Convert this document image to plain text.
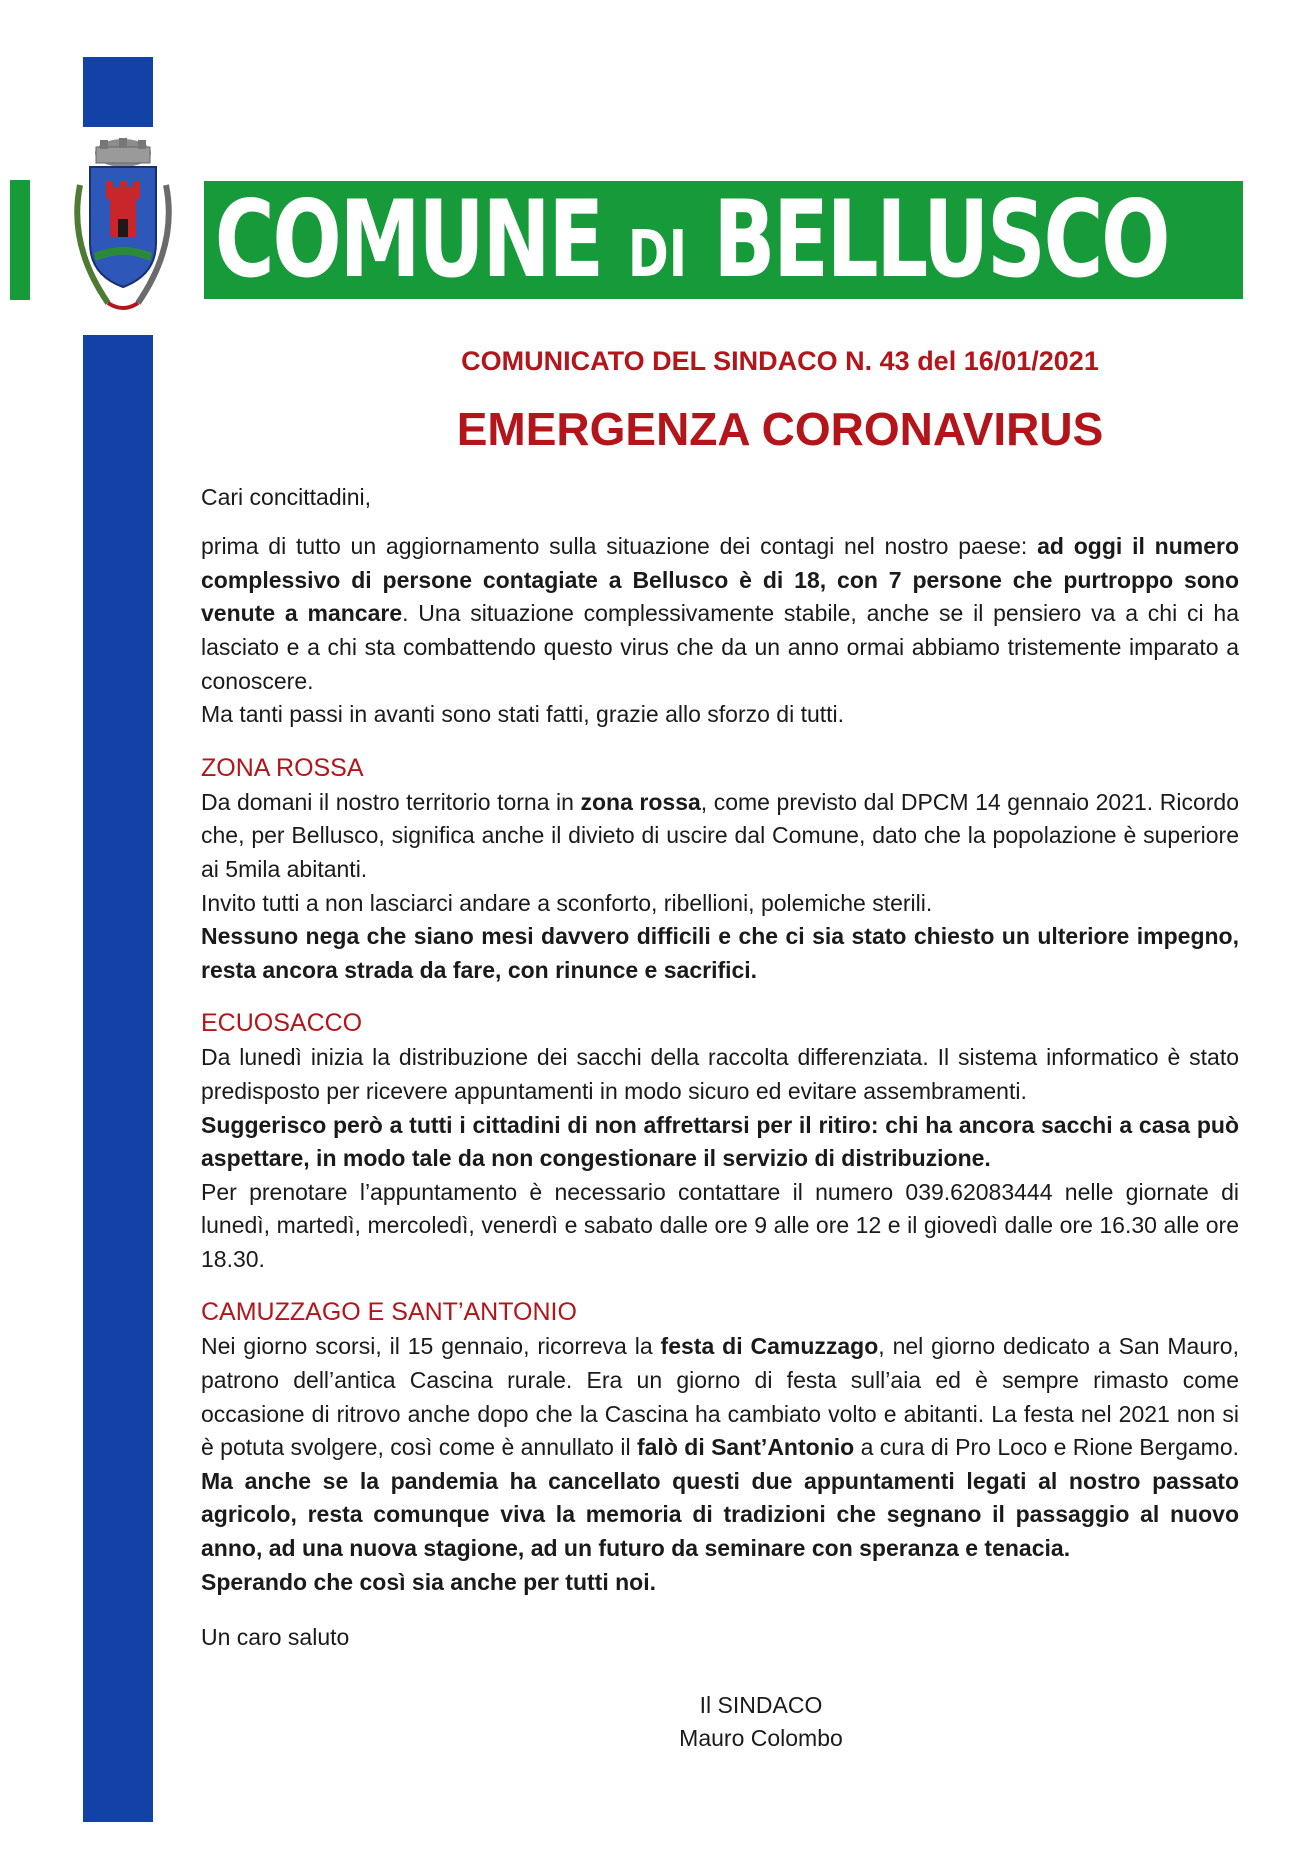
COMUNE DI BELLUSCO
COMUNICATO DEL SINDACO N. 43 del 16/01/2021
EMERGENZA CORONAVIRUS

Cari concittadini,

prima di tutto un aggiornamento sulla situazione dei contagi nel nostro paese: ad oggi il numero complessivo di persone contagiate a Bellusco è di 18, con 7 persone che purtroppo sono venute a mancare. Una situazione complessivamente stabile, anche se il pensiero va a chi ci ha lasciato e a chi sta combattendo questo virus che da un anno ormai abbiamo tristemente imparato a conoscere.

Ma tanti passi in avanti sono stati fatti, grazie allo sforzo di tutti.

ZONA ROSSA

Da domani il nostro territorio torna in zona rossa, come previsto dal DPCM 14 gennaio 2021. Ricordo che, per Bellusco, significa anche il divieto di uscire dal Comune, dato che la popolazione è superiore ai 5mila abitanti.

Invito tutti a non lasciarci andare a sconforto, ribellioni, polemiche sterili.

Nessuno nega che siano mesi davvero difficili e che ci sia stato chiesto un ulteriore impegno, resta ancora strada da fare, con rinunce e sacrifici.

ECUOSACCO

Da lunedì inizia la distribuzione dei sacchi della raccolta differenziata. Il sistema informatico è stato predisposto per ricevere appuntamenti in modo sicuro ed evitare assembramenti.

Suggerisco però a tutti i cittadini di non affrettarsi per il ritiro: chi ha ancora sacchi a casa può aspettare, in modo tale da non congestionare il servizio di distribuzione.

Per prenotare l’appuntamento è necessario contattare il numero 039.62083444 nelle giornate di lunedì, martedì, mercoledì, venerdì e sabato dalle ore 9 alle ore 12 e il giovedì dalle ore 16.30 alle ore 18.30.

CAMUZZAGO E SANT’ANTONIO

Nei giorno scorsi, il 15 gennaio, ricorreva la festa di Camuzzago, nel giorno dedicato a San Mauro, patrono dell’antica Cascina rurale. Era un giorno di festa sull’aia ed è sempre rimasto come occasione di ritrovo anche dopo che la Cascina ha cambiato volto e abitanti. La festa nel 2021 non si è potuta svolgere, così come è annullato il falò di Sant’Antonio a cura di Pro Loco e Rione Bergamo.

Ma anche se la pandemia ha cancellato questi due appuntamenti legati al nostro passato agricolo, resta comunque viva la memoria di tradizioni che segnano il passaggio al nuovo anno, ad una nuova stagione, ad un futuro da seminare con speranza e tenacia.

Sperando che così sia anche per tutti noi.

Un caro saluto

Il SINDACO
Mauro Colombo
